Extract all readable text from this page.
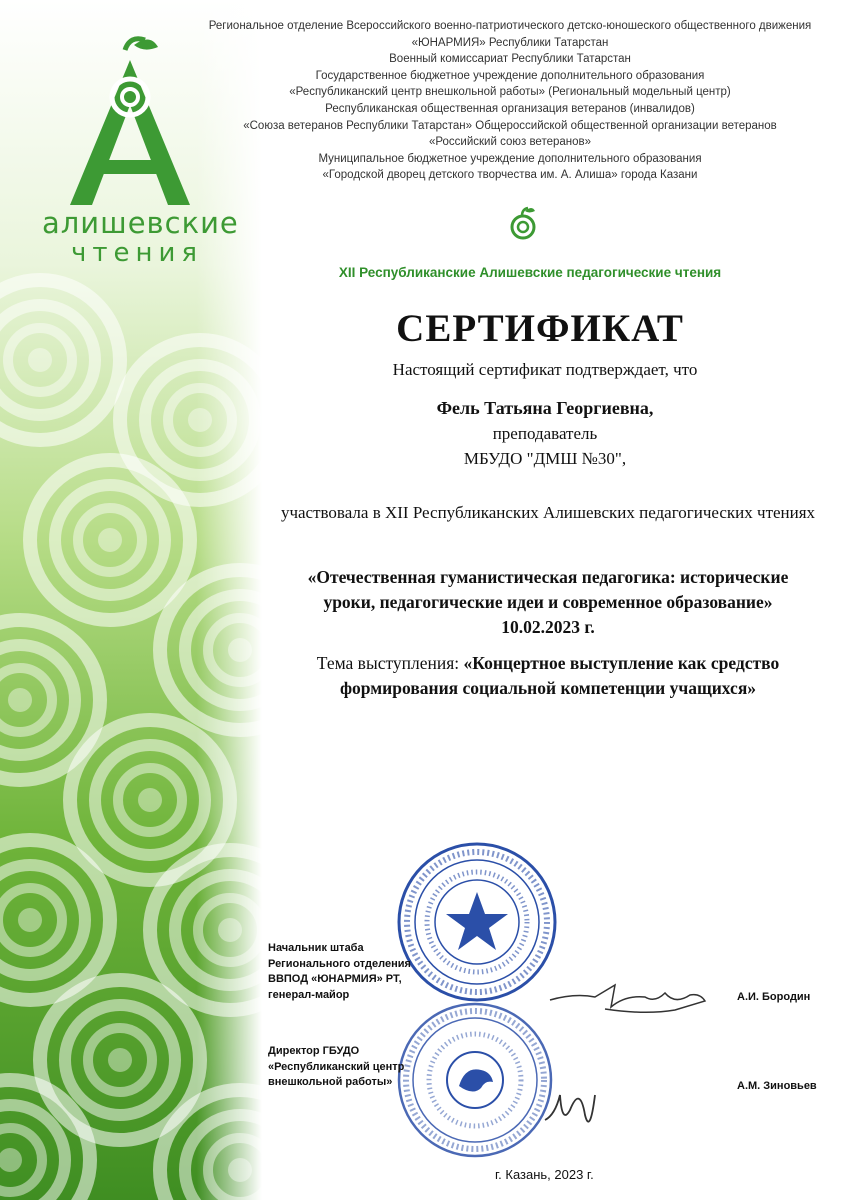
алишевские
чтения
Региональное отделение Всероссийского военно-патриотического детско-юношеского общественного движения
«ЮНАРМИЯ» Республики Татарстан
Военный комиссариат Республики Татарстан
Государственное бюджетное учреждение дополнительного образования
«Республиканский центр внешкольной работы» (Региональный модельный центр)
Республиканская общественная организация ветеранов (инвалидов)
«Союза ветеранов Республики Татарстан» Общероссийской общественной организации ветеранов
«Российский союз ветеранов»
Муниципальное бюджетное учреждение дополнительного образования
«Городской дворец детского творчества им. А. Алиша» города Казани
XII Республиканские Алишевские педагогические чтения
СЕРТИФИКАТ
Настоящий сертификат подтверждает, что
Фель Татьяна Георгиевна,
преподаватель
МБУДО "ДМШ №30",
участвовала в XII Республиканских Алишевских педагогических чтениях
«Отечественная гуманистическая педагогика: исторические
уроки, педагогические идеи и современное образование»
10.02.2023 г.
Тема выступления: «Концертное выступление как средство
формирования социальной компетенции учащихся»
Начальник штаба
Регионального отделения
ВВПОД «ЮНАРМИЯ» РТ,
генерал-майор	А.И. Бородин
Директор ГБУДО
«Республиканский центр
внешкольной работы»	А.М. Зиновьев
г. Казань, 2023 г.
